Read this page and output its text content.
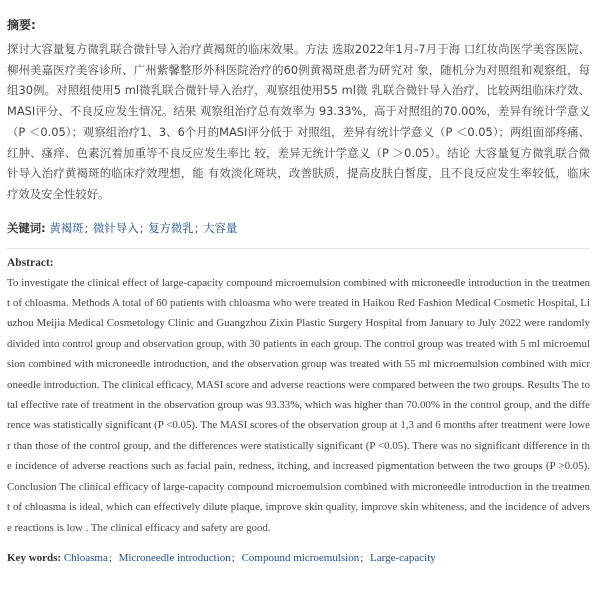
摘要:

探讨大容量复方微乳联合微针导入治疗黄褐斑的临床效果。方法 选取2022年1月-7月于海 口红妆尚医学美容医院、柳州美嘉医疗美容诊所、广州紫馨整形外科医院治疗的60例黄褐斑患者为研究对 象，随机分为对照组和观察组，每组30例。对照组使用5 ml微乳联合微针导入治疗，观察组使用55 ml微 乳联合微针导入治疗，比较两组临床疗效、MASI评分、不良反应发生情况。结果 观察组治疗总有效率为 93.33%，高于对照组的70.00%，差异有统计学意义（P ＜0.05）；观察组治疗1、3、6个月的MASI评分低于 对照组，差异有统计学意义（P ＜0.05）；两组面部疼痛、红肿、瘙痒、色素沉着加重等不良反应发生率比 较，差异无统计学意义（P ＞0.05）。结论 大容量复方微乳联合微针导入治疗黄褐斑的临床疗效理想，能 有效淡化斑块，改善肤质，提高皮肤白皙度，且不良反应发生率较低，临床疗效及安全性较好。

关键词: 黄褐斑; 微针导入; 复方微乳; 大容量
Abstract:

To investigate the clinical effect of large-capacity compound microemulsion combined with microneedle introduction in the treatment of chloasma. Methods A total of 60 patients with chloasma who were treated in Haikou Red Fashion Medical Cosmetic Hospital, Liuzhou Meijia Medical Cosmetology Clinic and Guangzhou Zixin Plastic Surgery Hospital from January to July 2022 were randomly divided into control group and observation group, with 30 patients in each group. The control group was treated with 5 ml microemulsion combined with microneedle introduction, and the observation group was treated with 55 ml microemulsion combined with microneedle introduction. The clinical efficacy, MASI score and adverse reactions were compared between the two groups. Results The total effective rate of treatment in the observation group was 93.33%, which was higher than 70.00% in the control group, and the difference was statistically significant (P <0.05). The MASI scores of the observation group at 1,3 and 6 months after treatment were lower than those of the control group, and the differences were statistically significant (P <0.05). There was no significant difference in the incidence of adverse reactions such as facial pain, redness, itching, and increased pigmentation between the two groups (P >0.05). Conclusion The clinical efficacy of large-capacity compound microemulsion combined with microneedle introduction in the treatment of chloasma is ideal, which can effectively dilute plaque, improve skin quality, improve skin whiteness, and the incidence of adverse reactions is low . The clinical efficacy and safety are good.

Key words: Chloasma; Microneedle introduction; Compound microemulsion; Large-capacity
